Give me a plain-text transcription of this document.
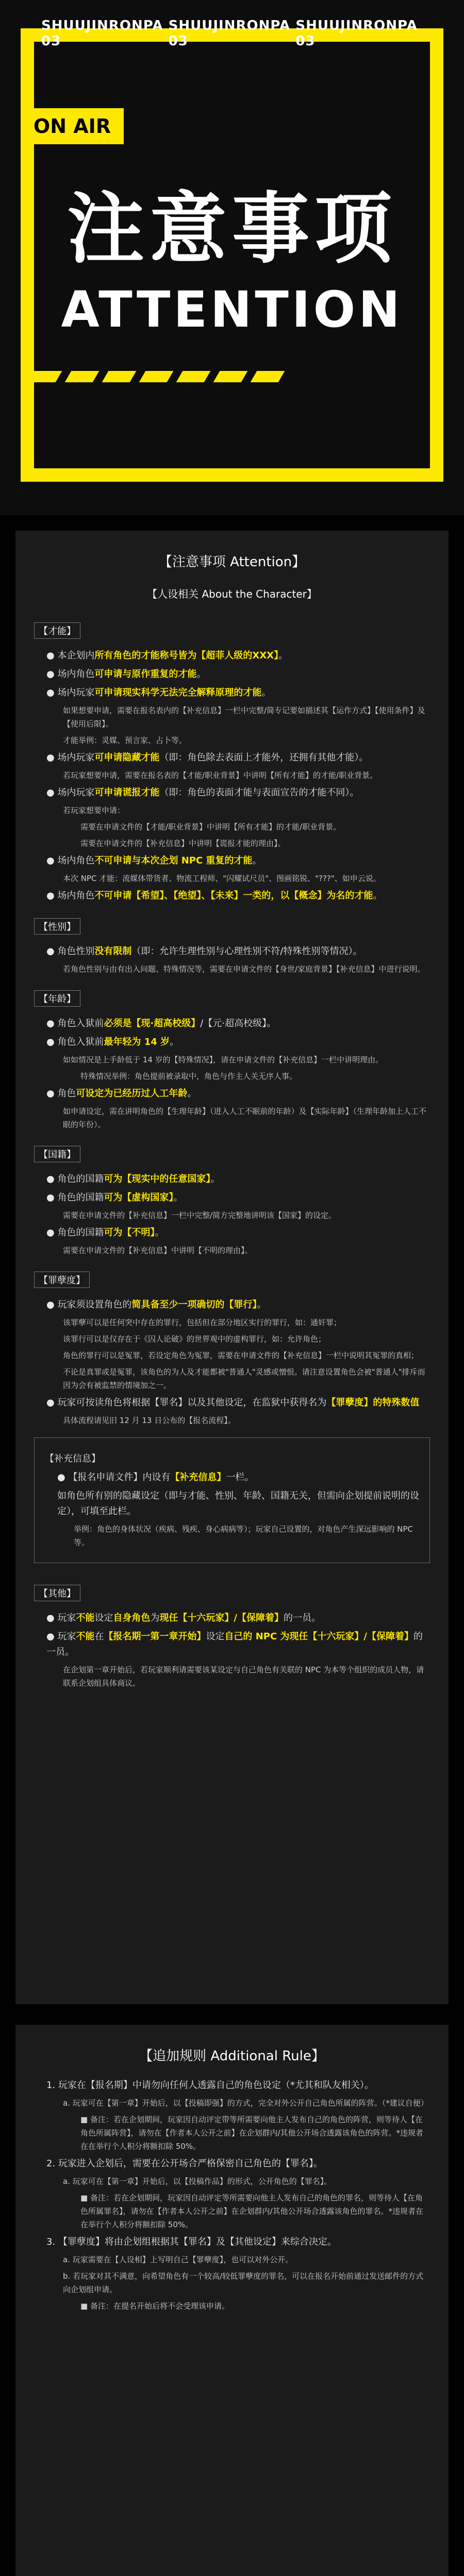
SHUUJINRONPA 03
SHUUJINRONPA 03
SHUUJINRONPA 03
ON AIR
注意事项
ATTENTION
【注意事项 Attention】
【人设相关 About the Character】
【才能】
● 本企划内所有角色的才能称号皆为【超菲人级的XXX】。
● 场内角色可申请与原作重复的才能。
● 场内玩家可申请现实科学无法完全解释原理的才能。
如果想要申请，需要在报名表内的【补充信息】一栏中完整/简专记要如描述其【运作方式】【使用条件】及【使用后限】。
才能举例：灵媒、预言家、占卜等。
● 场内玩家可申请隐藏才能（即：角色除去表面上才能外，还拥有其他才能）。
若玩家想要申请，需要在报名表的【才能/职业背景】中讲明【所有才能】的才能/职业背景。
● 场内玩家可申请谎报才能（即：角色的表面才能与表面宣告的才能不同）。
若玩家想要申请：
需要在申请文件的【才能/职业背景】中讲明【所有才能】的才能/职业背景。
需要在申请文件的【补充信息】中讲明【谎报才能的理由】。
● 场内角色不可申请与本次企划 NPC 重复的才能。
本次 NPC 才能：流媒体带货者、物流工程师、"闪耀试尺员"、图画铭锐、"???"、如申云说。
● 场内角色不可申请【希望】、【绝望】、【未来】一类的，以【概念】为名的才能。
【性别】
● 角色性别没有限制（即：允许生理性别与心理性别不符/特殊性别等情况）。
若角色性别与由有出入问题、特殊情况等，需要在申请文件的【身世/家庭背景】【补充信息】中进行说明。
【年龄】
● 角色入狱前必须是【现·超高校级】/【元·超高校级】。
● 角色入狱前最年轻为 14 岁。
如如情况是上手龄低于 14 岁的【特殊情况】，请在申请文件的【补充信息】一栏中讲明理由。
特殊情况举例：角色提前被录取中，角色与作主人关无序人事。
● 角色可设定为已经历过人工年龄。
如申请设定，需在讲明角色的【生理年龄】（进入人工不眠前的年龄）及【实际年龄】（生理年龄加上人工不眠的年份）。
【国籍】
● 角色的国籍可为【现实中的任意国家】。
● 角色的国籍可为【虚构国家】。
需要在申请文件的【补充信息】一栏中完整/简方完整地讲明该【国家】的设定。
● 角色的国籍可为【不明】。
需要在申请文件的【补充信息】中讲明【不明的理由】。
【罪孽度】
● 玩家须设置角色的简具备至少一项确切的【罪行】。
该罪孽可以是任何突中存在的罪行，包括但在部分地区实行的罪行，如：通奸罪；
该罪行可以是仅存在于《囚人论破》的世界观中的虚构罪行，如：允许角色；
角色的罪行可以是冤罪，若设定角色为冤罪，需要在申请文件的【补充信息】一栏中说明其冤罪的真相；
不论是真罪或是冤罪，该角色的为人及才能都被"普通人"灵感或憎恨。请注意设置角色会被"普通人"排斥而因为会有被监禁的情境加之一。
● 玩家可按读角色将根据【罪名】以及其他设定，在监狱中获得名为【罪孽度】的特殊数值
具体流程请见旧 12 月 13 日公布的【报名流程】。
【补充信息】
● 【报名申请文件】内设有【补充信息】一栏。
如角色所有别的隐藏设定（即与才能、性别、年龄、国籍无关，但需向企划提前说明的设定），可填至此栏。
举例：角色的身体状况（疾病、残疾、身心病病等）；玩家自己设置的，对角色产生深远影响的 NPC 等。
【其他】
● 玩家不能设定自身角色为现任【十六玩家】/【保障着】的一员。
● 玩家不能在【报名期一第一章开始】设定自己的 NPC 为现任【十六玩家】/【保障着】的一员。
在企划第一章开始后，若玩家顺利请需要该某设定与自己角色有关联的 NPC 为本等个组织的成员人物，请联系企划组具体商议。
【追加规则 Additional Rule】
1. 玩家在【报名期】中请勿向任何人透露自己的角色设定（*尤其和队友相关）。
a. 玩家可在【第一章】开始后，以【投稿即强】的方式，完全对外公开自己角色所属的阵营。（*建议自便）
■ 备注：若在企划期间，玩家因自动评定带等所需要向他主人发布自己的角色的阵营，则等待人【在角色所属阵营】，请勿在【作者本人公开之前】在企划群内/其他公开场合透露该角色的阵营。*违规者在在举行个人积分将额扣除 50%。
2. 玩家进入企划后，需要在公开场合严格保密自己角色的【罪名】。
a. 玩家可在【第一章】开始后，以【投稿作品】的形式，公开角色的【罪名】。
■ 备注：若在企划期间，玩家因自动评定等所需要向他主人发布自己的角色的罪名，则等待人【在角色所属罪名】，请勿在【作者本人公开之前】在企划群内/其他公开场合透露该角色的罪名。*违规者在在举行个人积分将额扣除 50%。
3. 【罪孽度】将由企划组根据其【罪名】及【其他设定】来综合决定。
a. 玩家需要在【人设相】上写明自己【罪孽度】，也可以对外公开。
b. 若玩家对其不满意，向希望角色有一个较高/较低罪孽度的罪名，可以在报名开始前通过发送邮件的方式向企划组申请。
■ 备注：在提名开始后将不会受理该申请。
